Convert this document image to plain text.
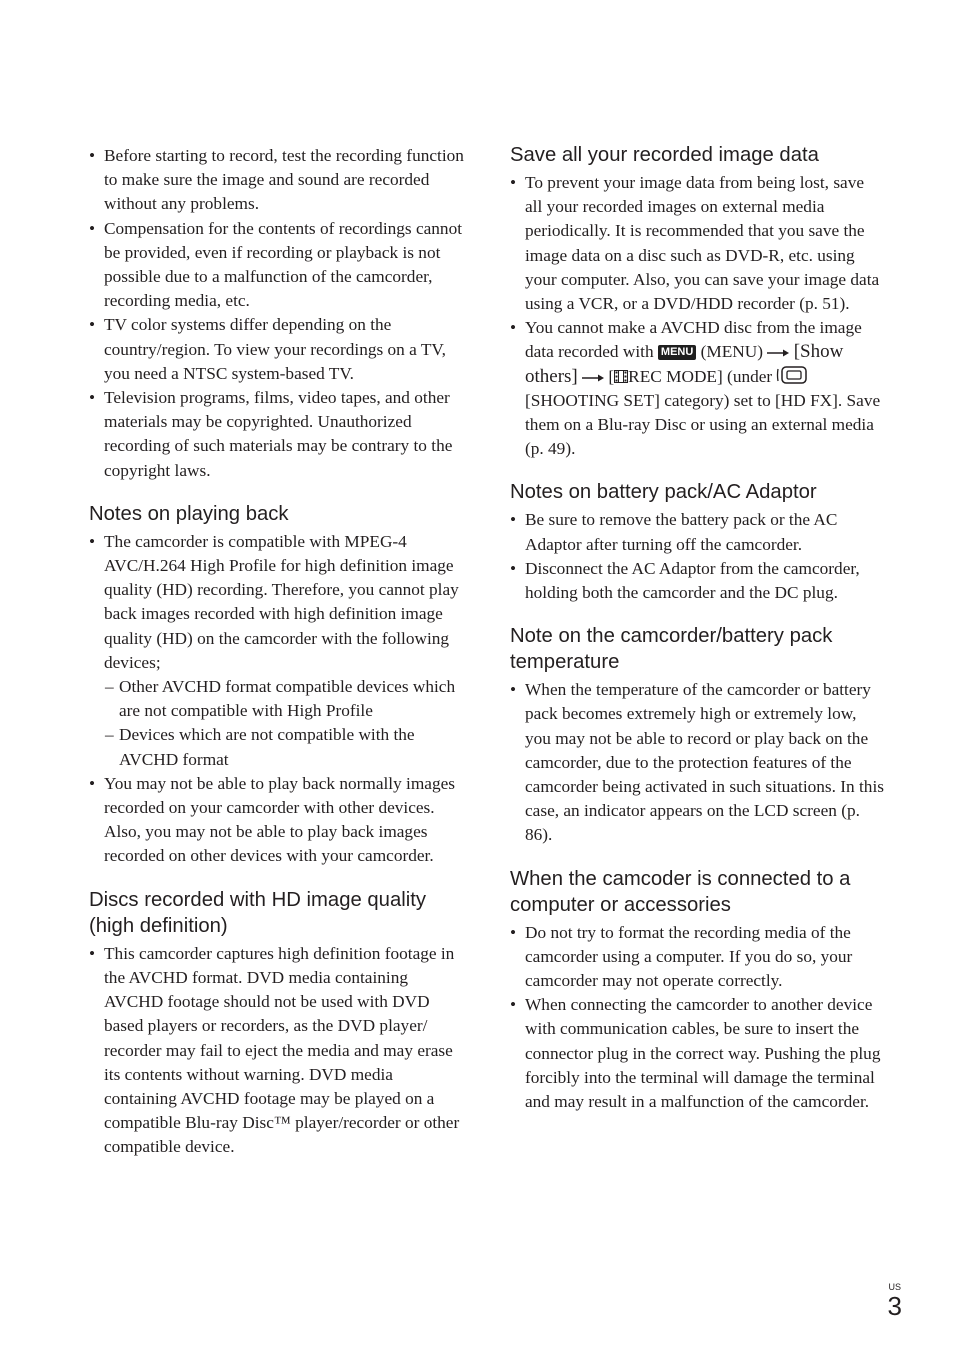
• Before starting to record, test the recording function to make sure the image and sound are recorded without any problems.
• Compensation for the contents of recordings cannot be provided, even if recording or playback is not possible due to a malfunction of the camcorder, recording media, etc.
• TV color systems differ depending on the country/region. To view your recordings on a TV, you need a NTSC system-based TV.
• Television programs, films, video tapes, and other materials may be copyrighted. Unauthorized recording of such materials may be contrary to the copyright laws.
Notes on playing back
• The camcorder is compatible with MPEG-4 AVC/H.264 High Profile for high definition image quality (HD) recording. Therefore, you cannot play back images recorded with high definition image quality (HD) on the camcorder with the following devices;
– Other AVCHD format compatible devices which are not compatible with High Profile
– Devices which are not compatible with the AVCHD format
• You may not be able to play back normally images recorded on your camcorder with other devices. Also, you may not be able to play back images recorded on other devices with your camcorder.
Discs recorded with HD image quality (high definition)
• This camcorder captures high definition footage in the AVCHD format. DVD media containing AVCHD footage should not be used with DVD based players or recorders, as the DVD player/ recorder may fail to eject the media and may erase its contents without warning. DVD media containing AVCHD footage may be played on a compatible Blu-ray Disc™ player/recorder or other compatible device.
Save all your recorded image data
• To prevent your image data from being lost, save all your recorded images on external media periodically. It is recommended that you save the image data on a disc such as DVD-R, etc. using your computer. Also, you can save your image data using a VCR, or a DVD/HDD recorder (p. 51).
• You cannot make a AVCHD disc from the image data recorded with MENU (MENU)  [Show others]  [ REC MODE] (under [SHOOTING SET] category) set to [HD FX]. Save them on a Blu-ray Disc or using an external media (p. 49).
Notes on battery pack/AC Adaptor
• Be sure to remove the battery pack or the AC Adaptor after turning off the camcorder.
• Disconnect the AC Adaptor from the camcorder, holding both the camcorder and the DC plug.
Note on the camcorder/battery pack temperature
• When the temperature of the camcorder or battery pack becomes extremely high or extremely low, you may not be able to record or play back on the camcorder, due to the protection features of the camcorder being activated in such situations. In this case, an indicator appears on the LCD screen (p. 86).
When the camcoder is connected to a computer or accessories
• Do not try to format the recording media of the camcorder using a computer. If you do so, your camcorder may not operate correctly.
• When connecting the camcorder to another device with communication cables, be sure to insert the connector plug in the correct way. Pushing the plug forcibly into the terminal will damage the terminal and may result in a malfunction of the camcorder.
US
3
